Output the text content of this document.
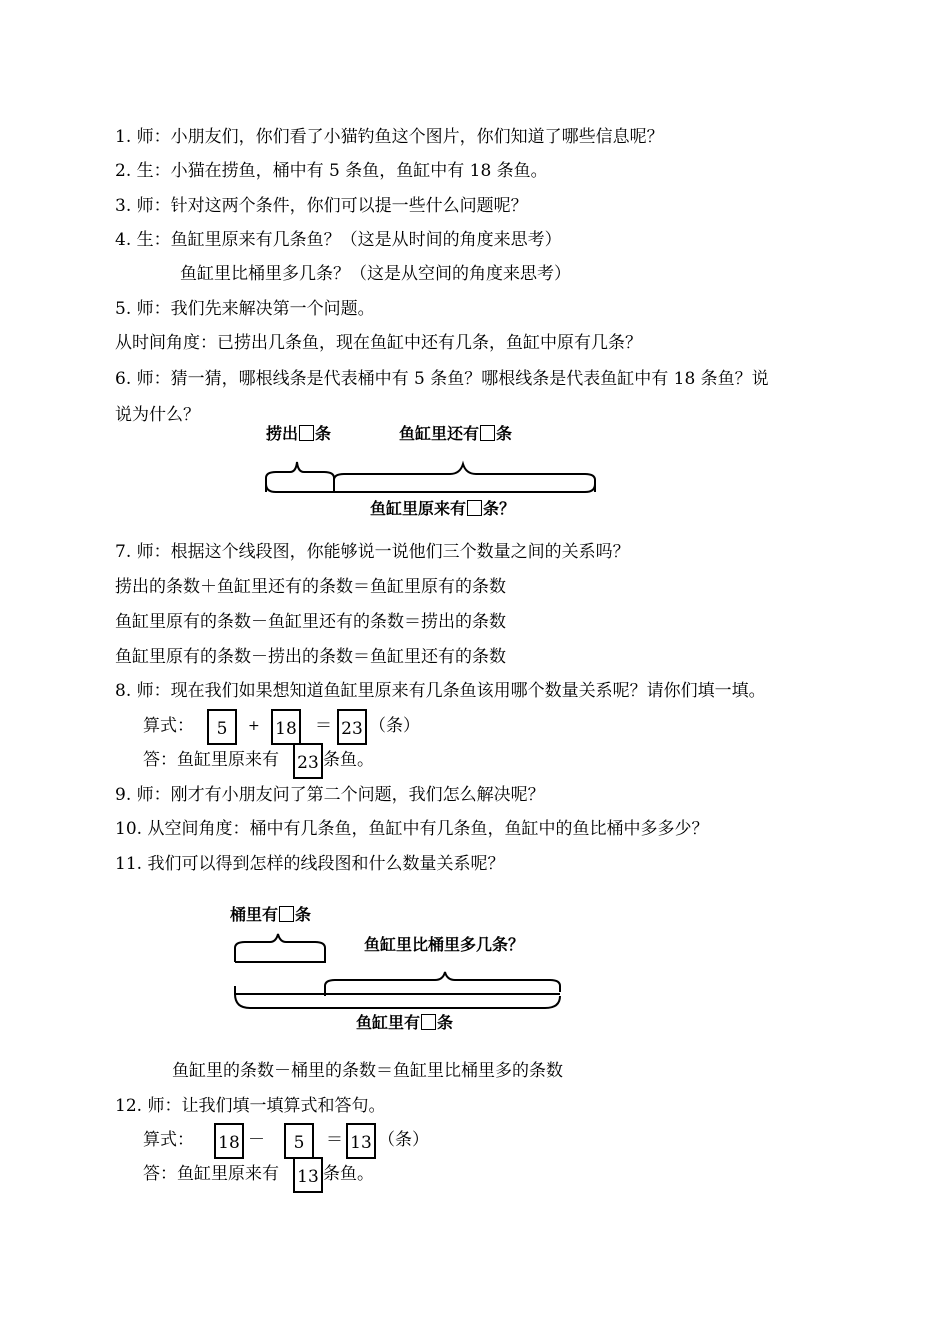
1. 师：小朋友们，你们看了小猫钓鱼这个图片，你们知道了哪些信息呢？
2. 生：小猫在捞鱼，桶中有 5 条鱼，鱼缸中有 18 条鱼。
3. 师：针对这两个条件，你们可以提一些什么问题呢？
4. 生：鱼缸里原来有几条鱼？（这是从时间的角度来思考）
鱼缸里比桶里多几条？（这是从空间的角度来思考）
5. 师：我们先来解决第一个问题。
从时间角度：已捞出几条鱼，现在鱼缸中还有几条，鱼缸中原有几条？
6. 师：猜一猜，哪根线条是代表桶中有 5 条鱼？哪根线条是代表鱼缸中有 18 条鱼？说
说为什么？
捞出 条	鱼缸里还有 条
鱼缸里原来有 条？
7. 师：根据这个线段图，你能够说一说他们三个数量之间的关系吗？
捞出的条数＋鱼缸里还有的条数＝鱼缸里原有的条数
鱼缸里原有的条数－鱼缸里还有的条数＝捞出的条数
鱼缸里原有的条数－捞出的条数＝鱼缸里还有的条数
8. 师：现在我们如果想知道鱼缸里原来有几条鱼该用哪个数量关系呢？请你们填一填。
算式：	5	+ 18 ＝ 23 （条）
答：鱼缸里原来有 23 条鱼。
9. 师：刚才有小朋友问了第二个问题，我们怎么解决呢？
10. 从空间角度：桶中有几条鱼，鱼缸中有几条鱼，鱼缸中的鱼比桶中多多少？
11. 我们可以得到怎样的线段图和什么数量关系呢？
桶里有 条
鱼缸里比桶里多几条？
鱼缸里有 条
鱼缸里的条数－桶里的条数＝鱼缸里比桶里多的条数
12. 师：让我们填一填算式和答句。
算式： 18 －	5	＝ 13 （条）
答：鱼缸里原来有 13 条鱼。
